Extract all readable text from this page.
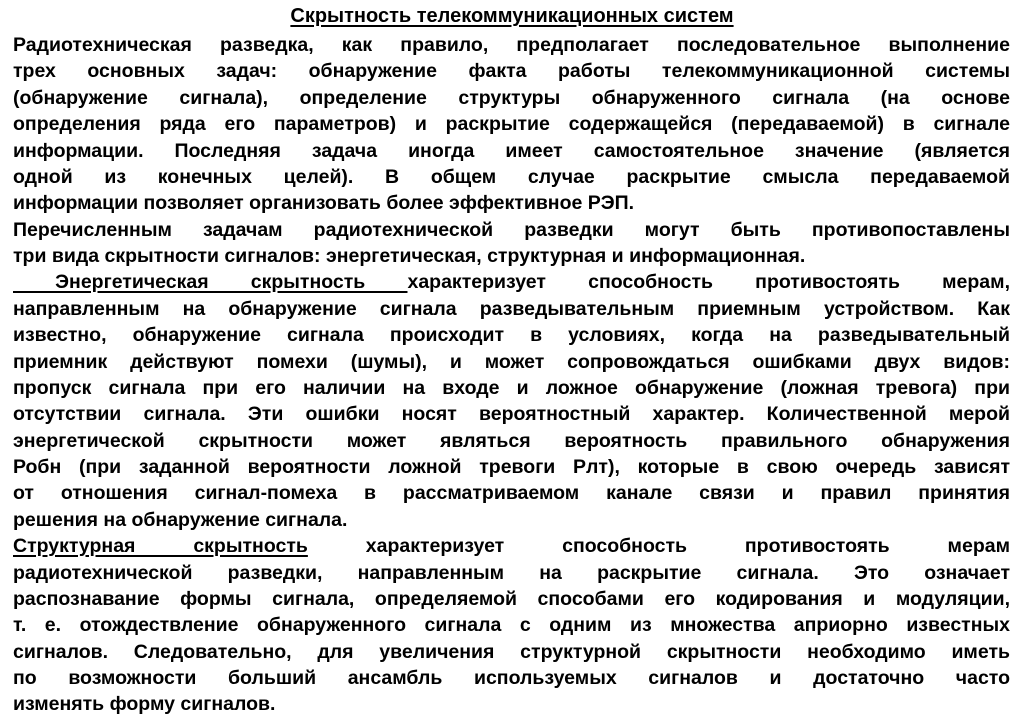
Скрытность телекоммуникационных систем
Радиотехническая разведка, как правило, предполагает последовательное выполнение
трех основных задач: обнаружение факта работы телекоммуникационной системы
(обнаружение сигнала), определение структуры обнаруженного сигнала (на основе
определения ряда его параметров) и раскрытие содержащейся (передаваемой) в сигнале
информации. Последняя задача иногда имеет самостоятельное значение (является
одной из конечных целей). В общем случае раскрытие смысла передаваемой
информации позволяет организовать более эффективное РЭП.
Перечисленным задачам радиотехнической разведки могут быть противопоставлены
три вида скрытности сигналов: энергетическая, структурная и информационная.
Энергетическая скрытность характеризует способность противостоять мерам,
направленным на обнаружение сигнала разведывательным приемным устройством. Как
известно, обнаружение сигнала происходит в условиях, когда на разведывательный
приемник действуют помехи (шумы), и может сопровождаться ошибками двух видов:
пропуск сигнала при его наличии на входе и ложное обнаружение (ложная тревога) при
отсутствии сигнала. Эти ошибки носят вероятностный характер. Количественной мерой
энергетической скрытности может являться вероятность правильного обнаружения
Робн (при заданной вероятности ложной тревоги Рлт), которые в свою очередь зависят
от отношения сигнал-помеха в рассматриваемом канале связи и правил принятия
решения на обнаружение сигнала.
Структурная скрытность характеризует способность противостоять мерам
радиотехнической разведки, направленным на раскрытие сигнала. Это означает
распознавание формы сигнала, определяемой способами его кодирования и модуляции,
т. е. отождествление обнаруженного сигнала с одним из множества априорно известных
сигналов. Следовательно, для увеличения структурной скрытности необходимо иметь
по возможности больший ансамбль используемых сигналов и достаточно часто
изменять форму сигналов.
